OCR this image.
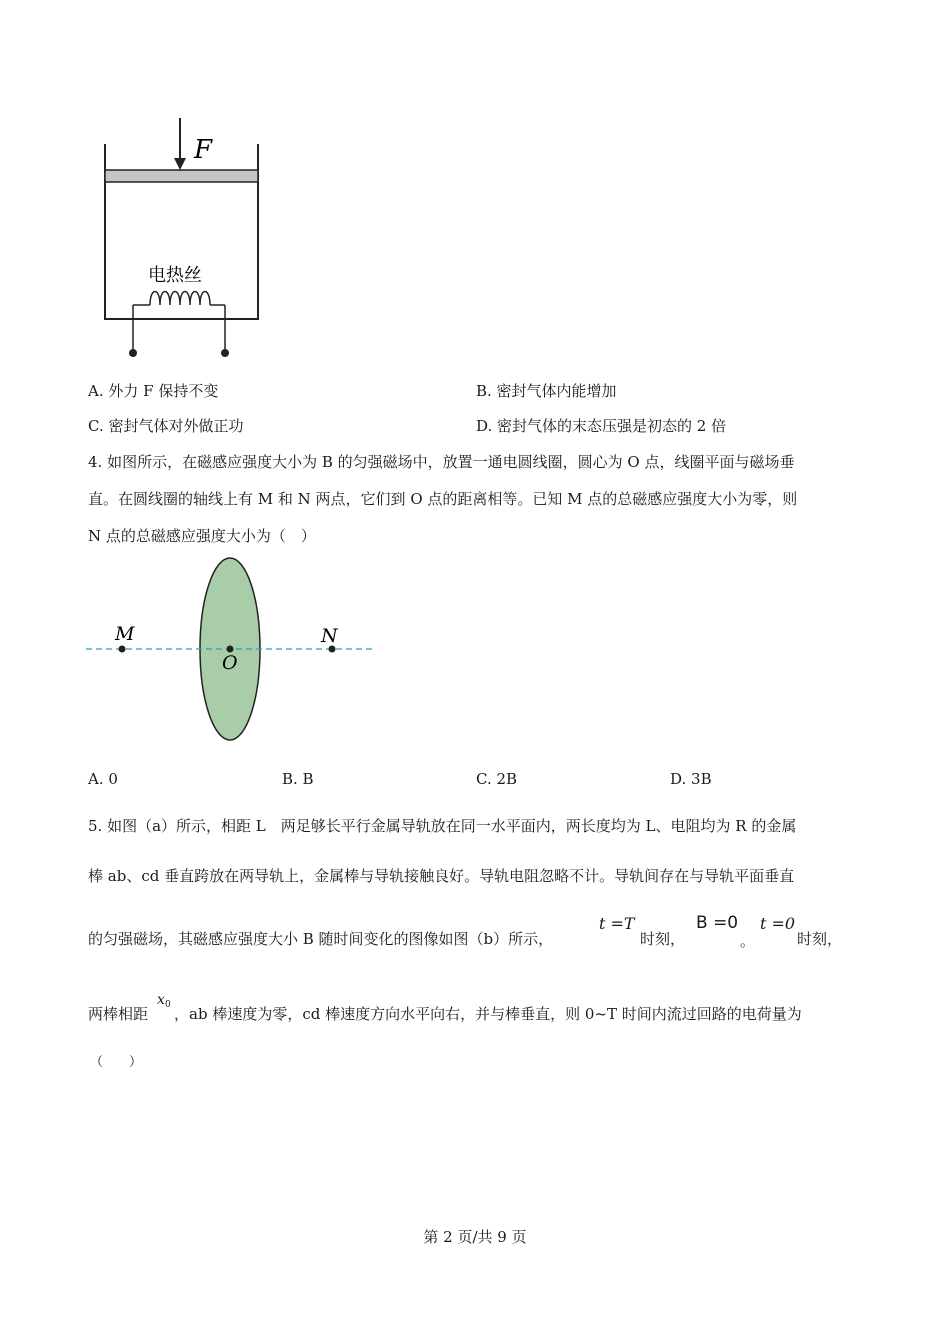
F
电热丝
A. 外力 F 保持不变	B. 密封气体内能增加
C. 密封气体对外做正功	D. 密封气体的末态压强是初态的 2 倍
4. 如图所示，在磁感应强度大小为 B 的匀强磁场中，放置一通电圆线圈，圆心为 O 点，线圈平面与磁场垂
直。在圆线圈的轴线上有 M 和 N 两点，它们到 O 点的距离相等。已知 M 点的总磁感应强度大小为零，则
N 点的总磁感应强度大小为（　）
M
O
N
A. 0	B. B	C. 2B	D. 3B
5. 如图（a）所示，相距 L　两足够长平行金属导轨放在同一水平面内，两长度均为 L、电阻均为 R 的金属
棒 ab、cd 垂直跨放在两导轨上，金属棒与导轨接触良好。导轨电阻忽略不计。导轨间存在与导轨平面垂直
的匀强磁场，其磁感应强度大小 B 随时间变化的图像如图（b）所示，
t =T
时刻，
B =0
。
t =0
时刻，
两棒相距
x 0 ，ab 棒速度为零，cd 棒速度方向水平向右，并与棒垂直，则 0~T 时间内流过回路的电荷量为
（　　）
第 2 页/共 9 页
